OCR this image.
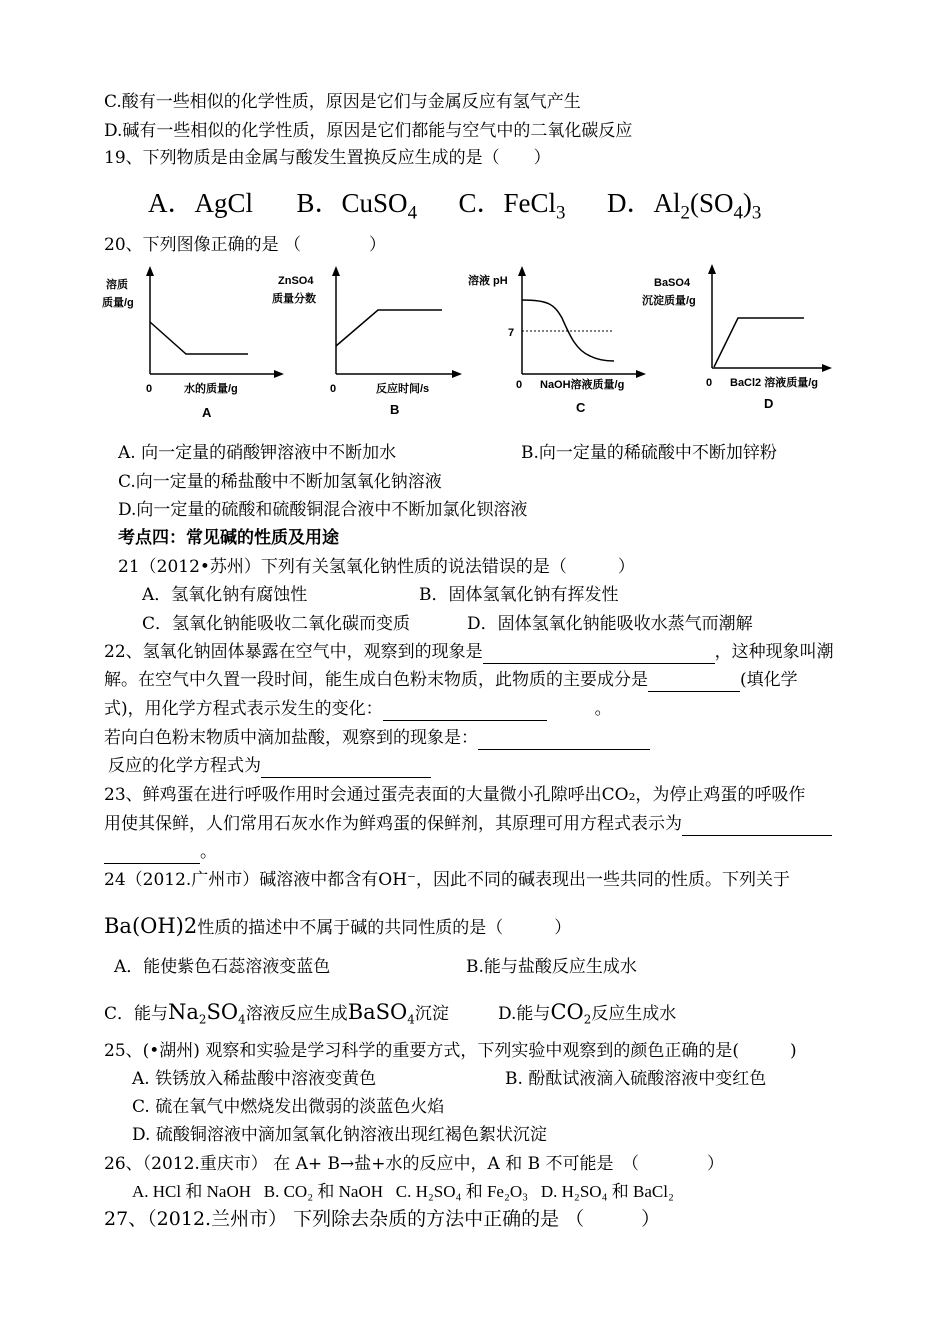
C.酸有一些相似的化学性质，原因是它们与金属反应有氢气产生
D.碱有一些相似的化学性质，原因是它们都能与空气中的二氧化碳反应
19、下列物质是由金属与酸发生置换反应生成的是（　　）
A．AgCl B．CuSO$_4$ C．FeCl$_3$ D．$Al_2(SO_4)_3$
20、下列图像正确的是 （　　　　）
溶质
质量/g
0	水的质量/g
A
ZnSO4
质量分数
0	反应时间/s
B
溶液 pH
7
0 NaOH溶液质量/g
C
BaSO4
沉淀质量/g
0 BaCl2 溶液质量/g
D
A. 向一定量的硝酸钾溶液中不断加水	B.向一定量的稀硫酸中不断加锌粉
C.向一定量的稀盐酸中不断加氢氧化钠溶液
D.向一定量的硫酸和硫酸铜混合液中不断加氯化钡溶液
考点四：常见碱的性质及用途
21（2012•苏州）下列有关氢氧化钠性质的说法错误的是（　　　）
A．氢氧化钠有腐蚀性	B．固体氢氧化钠有挥发性
C．氢氧化钠能吸收二氧化碳而变质	D．固体氢氧化钠能吸收水蒸气而潮解
22、氢氧化钠固体暴露在空气中，观察到的现象是	，这种现象叫潮
解。在空气中久置一段时间，能生成白色粉末物质，此物质的主要成分是	(填化学
式)，用化学方程式表示发生的变化：	。
若向白色粉末物质中滴加盐酸，观察到的现象是：
反应的化学方程式为
23、鲜鸡蛋在进行呼吸作用时会通过蛋壳表面的大量微小孔隙呼出CO₂，为停止鸡蛋的呼吸作
用使其保鲜，人们常用石灰水作为鲜鸡蛋的保鲜剂，其原理可用方程式表示为
。
24（2012.广州市）碱溶液中都含有OH⁻，因此不同的碱表现出一些共同的性质。下列关于
Ba(OH)2性质的描述中不属于碱的共同性质的是（　　　）
A．能使紫色石蕊溶液变蓝色	B.能与盐酸反应生成水
C．能与$Na_2SO_4$溶液反应生成BaSO$_4$沉淀	D.能与$CO_2$反应生成水
25、(•湖州) 观察和实验是学习科学的重要方式，下列实验中观察到的颜色正确的是(　　　)
A. 铁锈放入稀盐酸中溶液变黄色	B. 酚酞试液滴入硫酸溶液中变红色
C. 硫在氧气中燃烧发出微弱的淡蓝色火焰
D. 硫酸铜溶液中滴加氢氧化钠溶液出现红褐色絮状沉淀
26、（2012.重庆市） 在 A+ B→盐+水的反应中，A 和 B 不可能是　（　　　　）
A. HCl 和 NaOH B. CO₂ 和 NaOH C. H₂SO₄ 和 Fe₂O₃ D. H₂SO₄ 和 BaCl₂
27、（2012.兰州市） 下列除去杂质的方法中正确的是 （　　　）
